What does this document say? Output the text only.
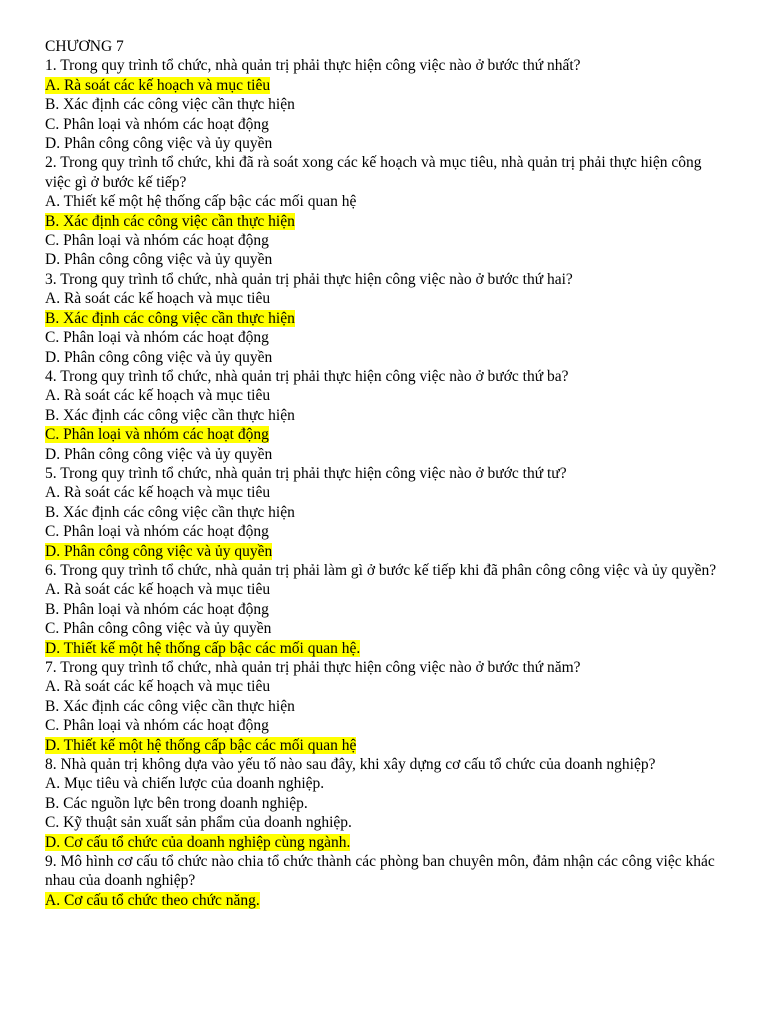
CHƯƠNG 7

1. Trong quy trình tổ chức, nhà quản trị phải thực hiện công việc nào ở bước thứ nhất?

A. Rà soát các kế hoạch và mục tiêu

B. Xác định các công việc cần thực hiện

C. Phân loại và nhóm các hoạt động

D. Phân công công việc và ủy quyền

2. Trong quy trình tổ chức, khi đã rà soát xong các kế hoạch và mục tiêu, nhà quản trị phải thực hiện công việc gì ở bước kế tiếp?

A. Thiết kế một hệ thống cấp bậc các mối quan hệ

B. Xác định các công việc cần thực hiện

C. Phân loại và nhóm các hoạt động

D. Phân công công việc và ủy quyền

3. Trong quy trình tổ chức, nhà quản trị phải thực hiện công việc nào ở bước thứ hai?

A. Rà soát các kế hoạch và mục tiêu

B. Xác định các công việc cần thực hiện

C. Phân loại và nhóm các hoạt động

D. Phân công công việc và ủy quyền

4. Trong quy trình tổ chức, nhà quản trị phải thực hiện công việc nào ở bước thứ ba?

A. Rà soát các kế hoạch và mục tiêu

B. Xác định các công việc cần thực hiện

C. Phân loại và nhóm các hoạt động

D. Phân công công việc và ủy quyền

5. Trong quy trình tổ chức, nhà quản trị phải thực hiện công việc nào ở bước thứ tư?

A. Rà soát các kế hoạch và mục tiêu

B. Xác định các công việc cần thực hiện

C. Phân loại và nhóm các hoạt động

D. Phân công công việc và ủy quyền

6. Trong quy trình tổ chức, nhà quản trị phải làm gì ở bước kế tiếp khi đã phân công công việc và ủy quyền?

A. Rà soát các kế hoạch và mục tiêu

B. Phân loại và nhóm các hoạt động

C. Phân công công việc và ủy quyền

D. Thiết kế một hệ thống cấp bậc các mối quan hệ.

7. Trong quy trình tổ chức, nhà quản trị phải thực hiện công việc nào ở bước thứ năm?

A. Rà soát các kế hoạch và mục tiêu

B. Xác định các công việc cần thực hiện

C. Phân loại và nhóm các hoạt động

D. Thiết kế một hệ thống cấp bậc các mối quan hệ

8. Nhà quản trị không dựa vào yếu tố nào sau đây, khi xây dựng cơ cấu tổ chức của doanh nghiệp?

A. Mục tiêu và chiến lược của doanh nghiệp.

B. Các nguồn lực bên trong doanh nghiệp.

C. Kỹ thuật sản xuất sản phẩm của doanh nghiệp.

D. Cơ cấu tổ chức của doanh nghiệp cùng ngành.

9. Mô hình cơ cấu tổ chức nào chia tổ chức thành các phòng ban chuyên môn, đảm nhận các công việc khác nhau của doanh nghiệp?

A. Cơ cấu tổ chức theo chức năng.
